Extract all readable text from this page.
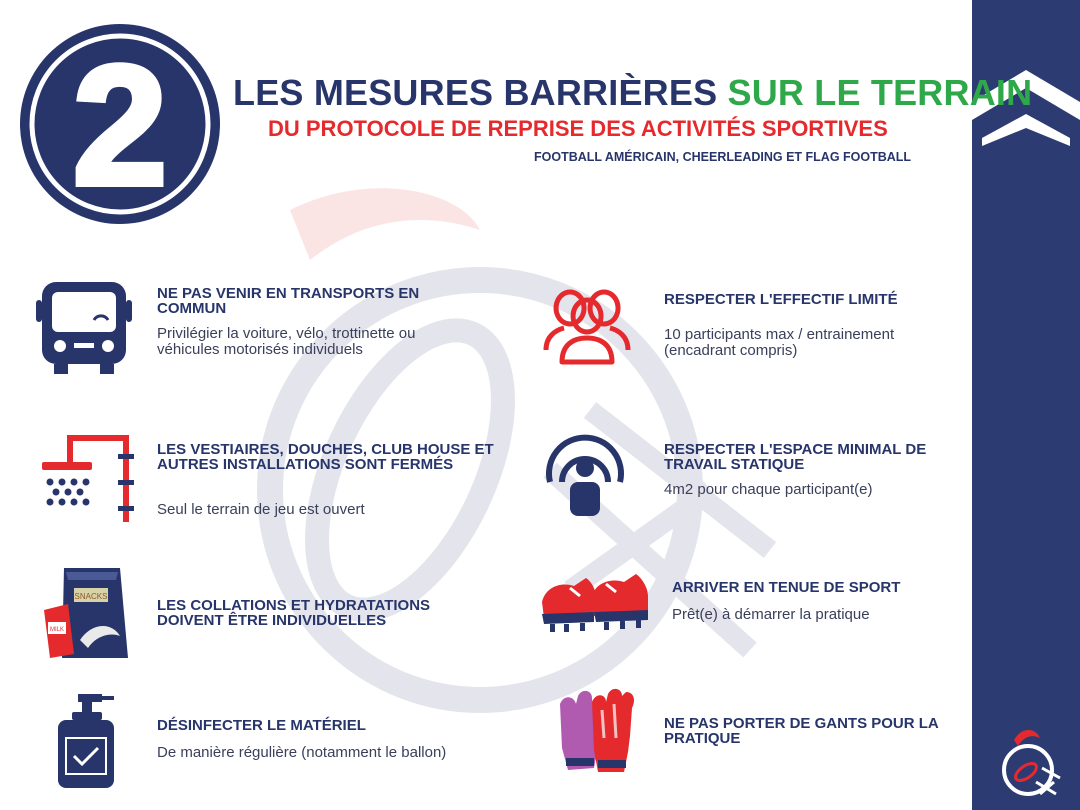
2 LES MESURES BARRIÈRES SUR LE TERRAIN
DU PROTOCOLE DE REPRISE DES ACTIVITÉS SPORTIVES
FOOTBALL AMÉRICAIN, CHEERLEADING ET FLAG FOOTBALL
SNACKS
MILK
NE PAS VENIR EN TRANSPORTS EN COMMUN
Privilégier la voiture, vélo, trottinette ou véhicules motorisés individuels
RESPECTER L'EFFECTIF LIMITÉ
10 participants max / entrainement (encadrant compris)
LES VESTIAIRES, DOUCHES, CLUB HOUSE ET AUTRES INSTALLATIONS SONT FERMÉS
Seul le terrain de jeu est ouvert
RESPECTER L'ESPACE MINIMAL DE TRAVAIL STATIQUE
4m2 pour chaque participant(e)
LES COLLATIONS ET HYDRATATIONS DOIVENT ÊTRE INDIVIDUELLES
ARRIVER EN TENUE DE SPORT
Prêt(e) à démarrer la pratique
DÉSINFECTER LE MATÉRIEL
De manière régulière (notamment le ballon)
NE PAS PORTER DE GANTS POUR LA PRATIQUE
